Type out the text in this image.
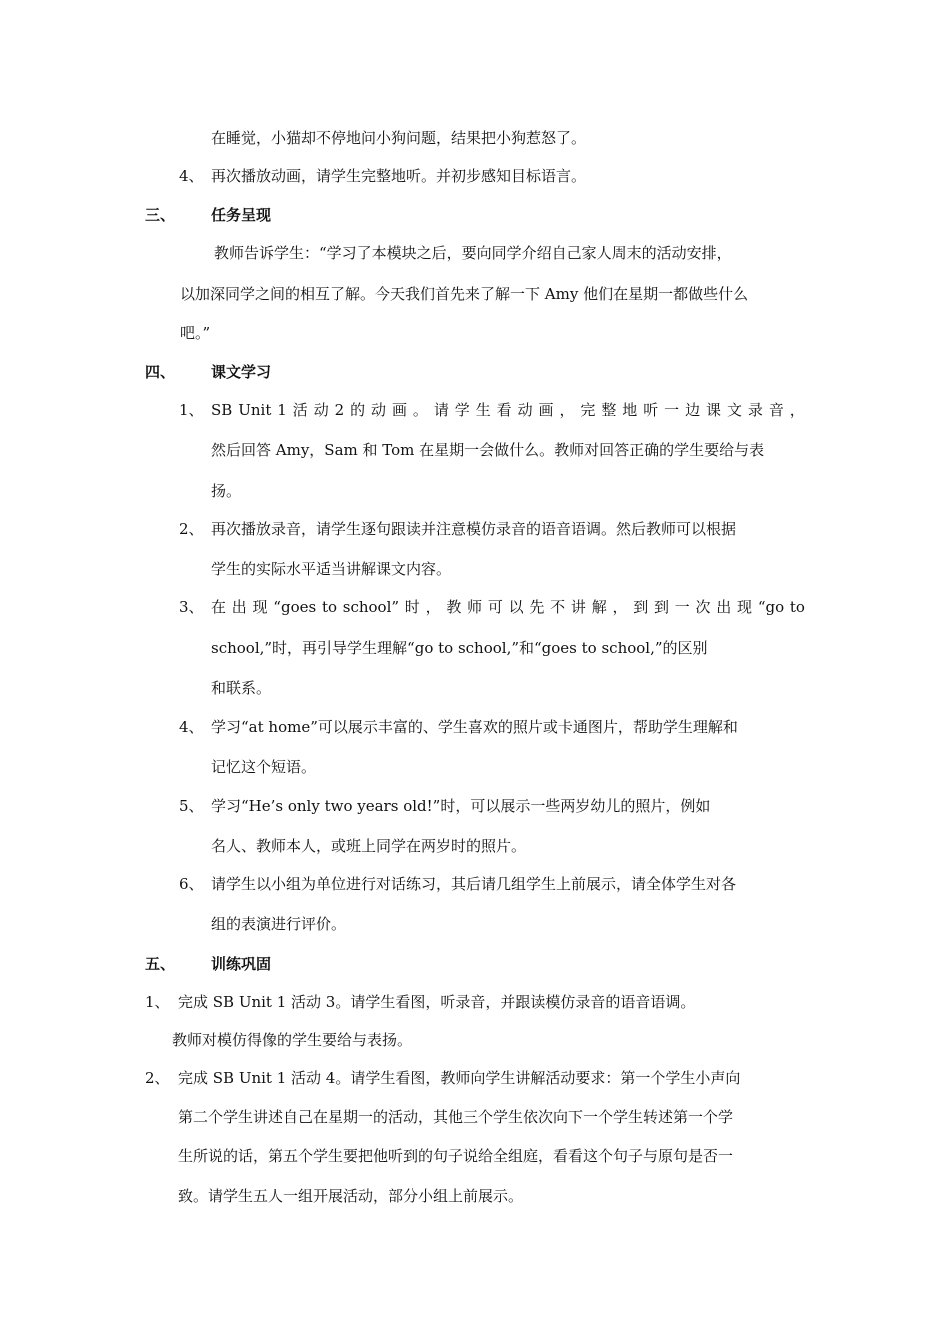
在睡觉，小猫却不停地问小狗问题，结果把小狗惹怒了。
4、 再次播放动画，请学生完整地听。并初步感知目标语言。
三、 任务呈现
教师告诉学生：“学习了本模块之后，要向同学介绍自己家人周末的活动安排，
以加深同学之间的相互了解。今天我们首先来了解一下 Amy 他们在星期一都做些什么
吧。”
四、 课文学习
1、 SB Unit 1 活 动 2 的 动 画 。 请 学 生 看 动 画 ， 完 整 地 听 一 边 课 文 录 音 ，
然后回答 Amy，Sam 和 Tom 在星期一会做什么。教师对回答正确的学生要给与表
扬。
2、 再次播放录音，请学生逐句跟读并注意模仿录音的语音语调。然后教师可以根据
学生的实际水平适当讲解课文内容。
3、 在 出 现 “goes to school” 时 ， 教 师 可 以 先 不 讲 解 ， 到 到 一 次 出 现 “go to
school,”时，再引导学生理解“go to school,”和“goes to school,”的区别
和联系。
4、 学习“at home”可以展示丰富的、学生喜欢的照片或卡通图片，帮助学生理解和
记忆这个短语。
5、 学习“He’s only two years old!”时，可以展示一些两岁幼儿的照片，例如
名人、教师本人，或班上同学在两岁时的照片。
6、 请学生以小组为单位进行对话练习，其后请几组学生上前展示，请全体学生对各
组的表演进行评价。
五、 训练巩固
1、 完成 SB Unit 1 活动 3。请学生看图，听录音，并跟读模仿录音的语音语调。
教师对模仿得像的学生要给与表扬。
2、 完成 SB Unit 1 活动 4。请学生看图，教师向学生讲解活动要求：第一个学生小声向
第二个学生讲述自己在星期一的活动，其他三个学生依次向下一个学生转述第一个学
生所说的话，第五个学生要把他听到的句子说给全组庭，看看这个句子与原句是否一
致。请学生五人一组开展活动，部分小组上前展示。
